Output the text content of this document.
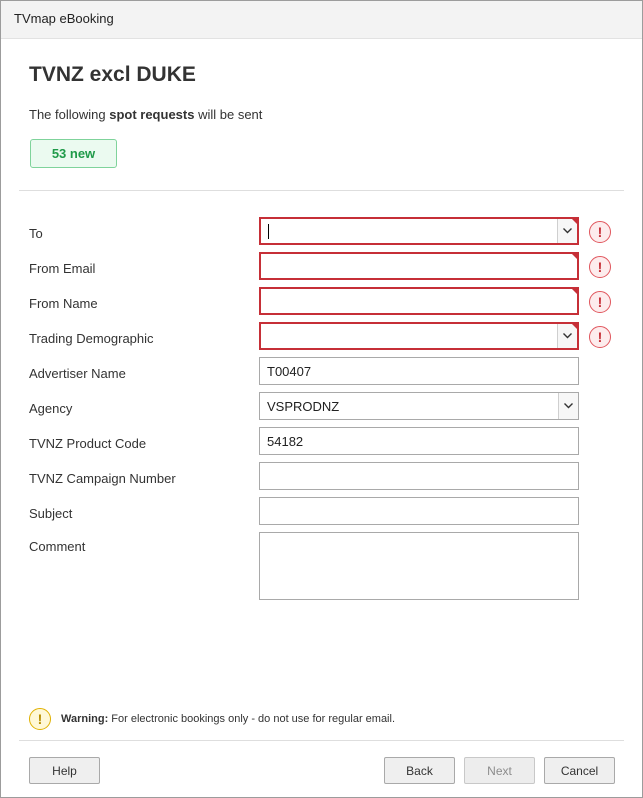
TVmap eBooking
TVNZ excl DUKE
The following spot requests will be sent
53 new
To	!
From Email	!
From Name	!
Trading Demographic	!
Advertiser Name	T00407
Agency	VSPRODNZ
TVNZ Product Code	54182
TVNZ Campaign Number
Subject
Comment
!	Warning: For electronic bookings only - do not use for regular email.
Help	Back	Next	Cancel
